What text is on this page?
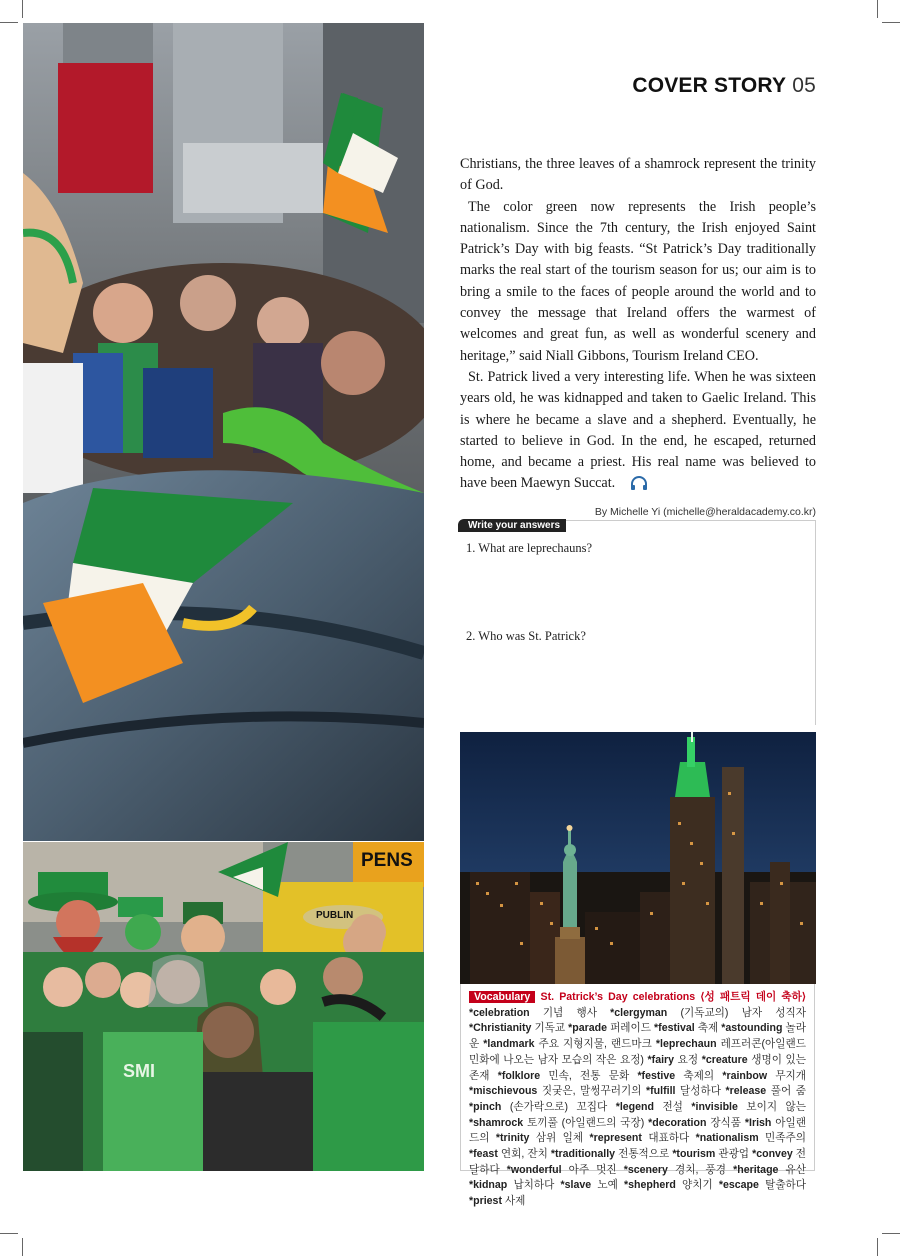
PENS
PUBLIN
SMI
COVER STORY 05

Christians, the three leaves of a shamrock represent the trinity of God.

The color green now represents the Irish people’s nationalism. Since the 7th century, the Irish enjoyed Saint Patrick’s Day with big feasts. “St Patrick’s Day traditionally marks the real start of the tourism season for us; our aim is to bring a smile to the faces of people around the world and to convey the message that Ireland offers the warmest of welcomes and great fun, as well as wonderful scenery and heritage,” said Niall Gibbons, Tourism Ireland CEO.

St. Patrick lived a very interesting life. When he was sixteen years old, he was kidnapped and taken to Gaelic Ireland. This is where he became a slave and a shepherd. Eventually, he started to believe in God. In the end, he escaped, returned home, and became a priest. His real name was believed to have been Maewyn Succat.
By Michelle Yi (michelle@heraldacademy.co.kr)

Write your answers
1. What are leprechauns?
2. Who was St. Patrick?
Vocabulary St. Patrick’s Day celebrations ⟨성 패트릭 데이 축하⟩ *celebration 기념 행사 *clergyman (기독교의) 남자 성직자 *Christianity 기독교 *parade 퍼레이드 *festival 축제 *astounding 놀라운 *landmark 주요 지형지물, 랜드마크 *leprechaun 레프러콘(아일랜드 민화에 나오는 남자 모습의 작은 요정) *fairy 요정 *creature 생명이 있는 존재 *folklore 민속, 전통 문화 *festive 축제의 *rainbow 무지개 *mischievous 짓궂은, 말썽꾸러기의 *fulfill 달성하다 *release 풀어 줌 *pinch (손가락으로) 꼬집다 *legend 전설 *invisible 보이지 않는 *shamrock 토끼풀 (아일랜드의 국장) *decoration 장식품 *Irish 아일랜드의 *trinity 삼위 일체 *represent 대표하다 *nationalism 민족주의 *feast 연회, 잔치 *traditionally 전통적으로 *tourism 관광업 *convey 전달하다 *wonderful 아주 멋진 *scenery 경치, 풍경 *heritage 유산 *kidnap 납치하다 *slave 노예 *shepherd 양치기 *escape 탈출하다 *priest 사제
